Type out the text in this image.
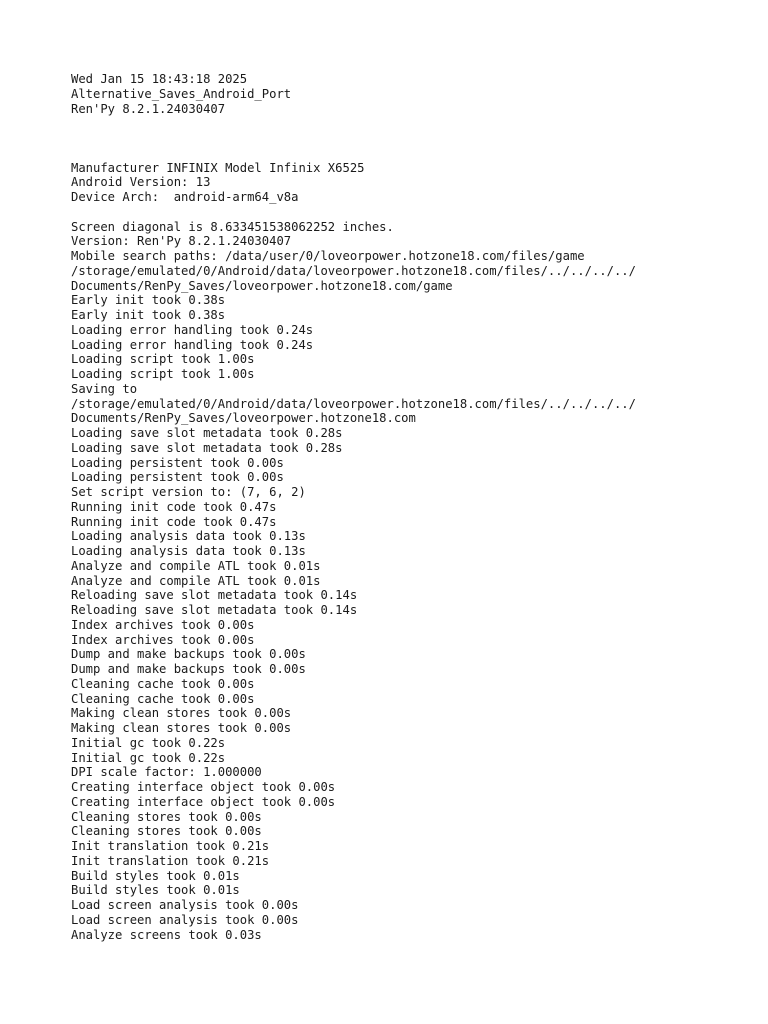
Wed Jan 15 18:43:18 2025
Alternative_Saves_Android_Port
Ren'Py 8.2.1.24030407
Manufacturer INFINIX Model Infinix X6525
Android Version: 13
Device Arch:  android-arm64_v8a
Screen diagonal is 8.633451538062252 inches.
Version: Ren'Py 8.2.1.24030407
Mobile search paths: /data/user/0/loveorpower.hotzone18.com/files/game
/storage/emulated/0/Android/data/loveorpower.hotzone18.com/files/../../../../
Documents/RenPy_Saves/loveorpower.hotzone18.com/game
Early init took 0.38s
Early init took 0.38s
Loading error handling took 0.24s
Loading error handling took 0.24s
Loading script took 1.00s
Loading script took 1.00s
Saving to
/storage/emulated/0/Android/data/loveorpower.hotzone18.com/files/../../../../
Documents/RenPy_Saves/loveorpower.hotzone18.com
Loading save slot metadata took 0.28s
Loading save slot metadata took 0.28s
Loading persistent took 0.00s
Loading persistent took 0.00s
Set script version to: (7, 6, 2)
Running init code took 0.47s
Running init code took 0.47s
Loading analysis data took 0.13s
Loading analysis data took 0.13s
Analyze and compile ATL took 0.01s
Analyze and compile ATL took 0.01s
Reloading save slot metadata took 0.14s
Reloading save slot metadata took 0.14s
Index archives took 0.00s
Index archives took 0.00s
Dump and make backups took 0.00s
Dump and make backups took 0.00s
Cleaning cache took 0.00s
Cleaning cache took 0.00s
Making clean stores took 0.00s
Making clean stores took 0.00s
Initial gc took 0.22s
Initial gc took 0.22s
DPI scale factor: 1.000000
Creating interface object took 0.00s
Creating interface object took 0.00s
Cleaning stores took 0.00s
Cleaning stores took 0.00s
Init translation took 0.21s
Init translation took 0.21s
Build styles took 0.01s
Build styles took 0.01s
Load screen analysis took 0.00s
Load screen analysis took 0.00s
Analyze screens took 0.03s
